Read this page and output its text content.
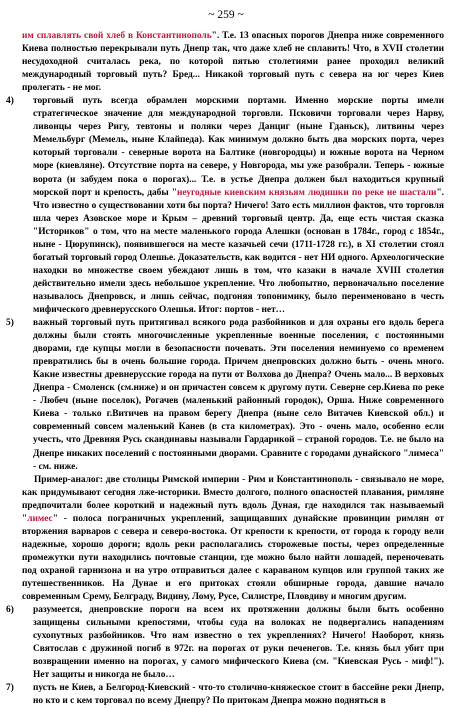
~ 259 ~

им сплавлять свой хлеб в Константинополь". Т.е. 13 опасных порогов Днепра ниже современного Киева полностью перекрывали путь Днепр так, что даже хлеб не сплавить! Что, в XVII столетии несудоходной считалась река, по которой пятью столетиями ранее проходил великий международный торговый путь? Бред... Никакой торговый путь с севера на юг через Киев пролегать - не мог.

4) торговый путь всегда обрамлен морскими портами. Именно морские порты имели стратегическое значение для международной торговли. Псковичи торговали через Нарву, ливонцы через Ригу, тевтоны и поляки через Данциг (ныне Гданьск), литвины через Мемельбург (Мемель, ныне Клайпеда). Как минимум должно быть два морских порта, через который торговали - северные воротa на Балтике (новгородцы) и южные ворота на Черном море (киевляне). Отсутствие порта на севере, у Новгорода, мы уже разобрали. Теперь - южные ворота (и забудем пока о порогах)... Т.е. в устье Днепра должен был находиться крупный морской порт и крепость, дабы "неугодные киевским князьям людишки по реке не шастали". Что известно о существовании хоти бы порта? Ничего! Зато есть миллион фактов, что торговля шла через Азовское море и Крым – древний торговый центр. Да, еще есть чистая сказка "Историков" о том, что на месте маленького города Алешки (основан в 1784г., город с 1854г., ныне - Цюрупинск), появившегося на месте казачьей сечи (1711-1728 гг.), в XI столетии стоял богатый торговый город Олешье. Доказательств, как водится - нет НИ одного. Археологические находки во множестве своем убеждают лишь в том, что казаки в начале XVIII столетия действительно имели здесь небольшое укрепление. Что любопытно, первоначально поселение называлось Днепровск, и лишь сейчас, подгоняя топонимику, было переименовано в честь мифического древнерусского Олешья. Итог: портов - нет…

5) важный торговый путь притягивал всякого рода разбойников и для охраны его вдоль берега должны были стоять многочисленные укрепленные военные поселения, с постоянными дворами, где купцы могли в безопасности почевать. Эти поселения неминуемо со временем превратились бы в очень большие города. Причем днепровских должно быть - очень много. Какие известны древнерусские города на пути от Волхова до Днепра? Очень мало... В верховых Днепра - Смоленск (см.ниже) и он причастен совсем к другому пути. Северне сер.Киева по реке - Любеч (ныне поселок), Рогачев (маленький районный городок), Орша. Ниже современного Киева - только г.Витичев на правом берегу Днепра (ныне село Витачев Киевской обл.) и современный совсем маленький Канев (в ста километрах). Это - очень мало, особенно если учесть, что Древняя Русь скандинавы называли Гардарикой – страной городов. Т.е. не было на Днепре никаких поселений с постоянными дворами. Сравните с городами дунайского "лимеса" - см. ниже.

Пример-аналог: две столицы Римской империи - Рим и Константинополь - связывало не море, как придумывают сегодня лже-историки. Вместо долгого, полного опасностей плавания, римляне предпочитали более короткий и надежный путь вдоль Дуная, где находился так называемый "лимес" - полоса пограничных укреплений, защищавших дунайские провинции римлян от вторжения варваров с севера и северо-востока. От крепости к крепости, от города к городу вели надежные, хорошо дороги; вдоль реки располагались сторожевые посты, через определенные промежутки пути находились почтовые станции, где можно было найти лошадей, переночевать под охраной гарнизона и на утро отправиться далее с караваном купцов или группой таких же путешественников. На Дунае и его притоках стояли обширные города, давшие начало современным Срему, Белграду, Видину, Лому, Русе, Силистре, Пловдиву и многим другим.

6) разумеется, днепровские пороги на всем их протяжении должны были быть особенно защищены сильными крепостями, чтобы суда на волоках не подвергались нападениям сухопутных разбойников. Что нам известно о тех укреплениях? Ничего! Наоборот, князь Святослав с дружиной погиб в 972г. на порогах от руки печенегов. Т.е. князь был убит при возвращении именно на порогах, у самого мифического Киева (см. "Киевская Русь - миф!"). Нет защиты и никогда не было…

7) пусть не Киев, а Белгород-Киевский - что-то столично-княжеское стоит в бассейне реки Днепр, но кто и с кем торговал по всему Днепру? По притокам Днепра можно подняться в
